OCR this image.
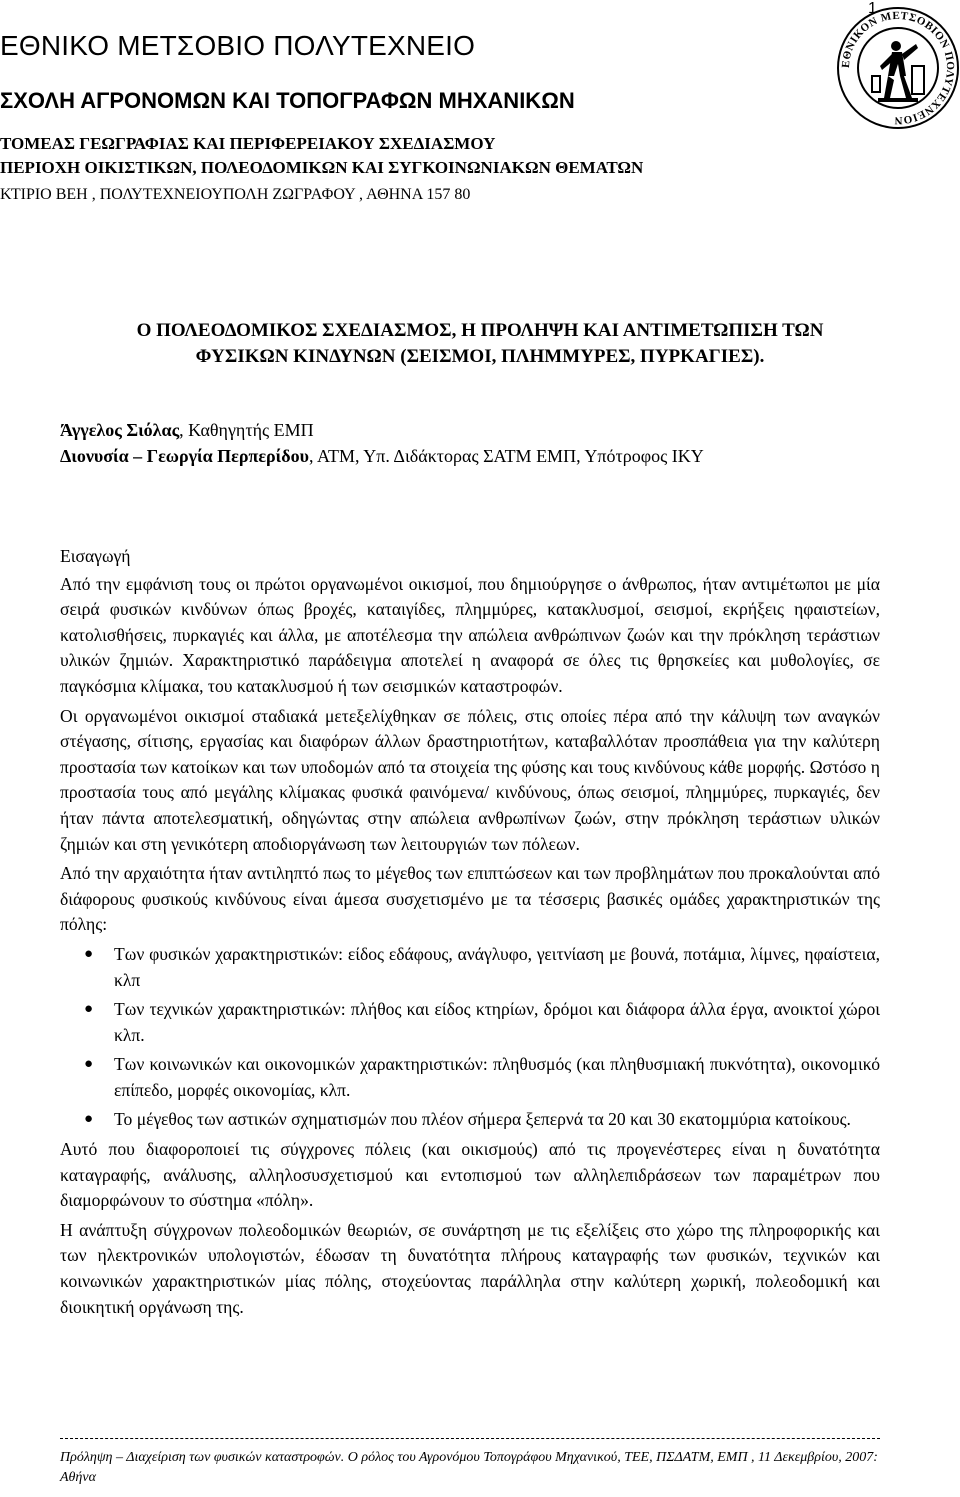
1
ΕΘΝΙΚΟ ΜΕΤΣΟΒΙΟ ΠΟΛΥΤΕΧΝΕΙΟ
ΣΧΟΛΗ ΑΓΡΟΝΟΜΩΝ ΚΑΙ ΤΟΠΟΓΡΑΦΩΝ ΜΗΧΑΝΙΚΩΝ
ΤΟΜΕΑΣ ΓΕΩΓΡΑΦΙΑΣ ΚΑΙ ΠΕΡΙΦΕΡΕΙΑΚΟΥ ΣΧΕΔΙΑΣΜΟΥ
ΠΕΡΙΟΧΗ ΟΙΚΙΣΤΙΚΩΝ, ΠΟΛΕΟΔΟΜΙΚΩΝ ΚΑΙ ΣΥΓΚΟΙΝΩΝΙΑΚΩΝ ΘΕΜΑΤΩΝ
ΚΤΙΡΙΟ ΒΕΗ , ΠΟΛΥΤΕΧΝΕΙΟΥΠΟΛΗ ΖΩΓΡΑΦΟΥ , ΑΘΗΝΑ 157 80
ΕΘΝΙΚΟΝ ΜΕΤΣΟΒΙΟΝ ΠΟΛΥΤΕΧΝΕΙΟΝ
Ο ΠΟΛΕΟΔΟΜΙΚΟΣ ΣΧΕΔΙΑΣΜΟΣ, Η ΠΡΟΛΗΨΗ ΚΑΙ ΑΝΤΙΜΕΤΩΠΙΣΗ ΤΩΝ
ΦΥΣΙΚΩΝ ΚΙΝΔΥΝΩΝ (ΣΕΙΣΜΟΙ, ΠΛΗΜΜΥΡΕΣ, ΠΥΡΚΑΓΙΕΣ).
Άγγελος Σιόλας, Καθηγητής ΕΜΠ
Διονυσία – Γεωργία Περπερίδου, ΑΤΜ, Υπ. Διδάκτορας ΣΑΤΜ ΕΜΠ, Υπότροφος ΙΚΥ

Εισαγωγή

Από την εμφάνιση τους οι πρώτοι οργανωμένοι οικισμοί, που δημιούργησε ο άνθρωπος, ήταν αντιμέτωποι με μία σειρά φυσικών κινδύνων όπως βροχές, καταιγίδες, πλημμύρες, κατακλυσμοί, σεισμοί, εκρήξεις ηφαιστείων, κατολισθήσεις, πυρκαγιές και άλλα, με αποτέλεσμα την απώλεια ανθρώπινων ζωών και την πρόκληση τεράστιων υλικών ζημιών. Χαρακτηριστικό παράδειγμα αποτελεί η αναφορά σε όλες τις θρησκείες και μυθολογίες, σε παγκόσμια κλίμακα, του κατακλυσμού ή των σεισμικών καταστροφών.

Οι οργανωμένοι οικισμοί σταδιακά μετεξελίχθηκαν σε πόλεις, στις οποίες πέρα από την κάλυψη των αναγκών στέγασης, σίτισης, εργασίας και διαφόρων άλλων δραστηριοτήτων, καταβαλλόταν προσπάθεια για την καλύτερη προστασία των κατοίκων και των υποδομών από τα στοιχεία της φύσης και τους κινδύνους κάθε μορφής. Ωστόσο η προστασία τους από μεγάλης κλίμακας φυσικά φαινόμενα/ κινδύνους, όπως σεισμοί, πλημμύρες, πυρκαγιές, δεν ήταν πάντα αποτελεσματική, οδηγώντας στην απώλεια ανθρωπίνων ζωών, στην πρόκληση τεράστιων υλικών ζημιών και στη γενικότερη αποδιοργάνωση των λειτουργιών των πόλεων.

Από την αρχαιότητα ήταν αντιληπτό πως το μέγεθος των επιπτώσεων και των προβλημάτων που προκαλούνται από διάφορους φυσικούς κινδύνους είναι άμεσα συσχετισμένο με τα τέσσερις βασικές ομάδες χαρακτηριστικών της πόλης:

● Των φυσικών χαρακτηριστικών: είδος εδάφους, ανάγλυφο, γειτνίαση με βουνά, ποτάμια, λίμνες, ηφαίστεια, κλπ
● Των τεχνικών χαρακτηριστικών: πλήθος και είδος κτηρίων, δρόμοι και διάφορα άλλα έργα, ανοικτοί χώροι κλπ.
● Των κοινωνικών και οικονομικών χαρακτηριστικών: πληθυσμός (και πληθυσμιακή πυκνότητα), οικονομικό επίπεδο, μορφές οικονομίας, κλπ.
● Το μέγεθος των αστικών σχηματισμών που πλέον σήμερα ξεπερνά τα 20 και 30 εκατομμύρια κατοίκους.

Αυτό που διαφοροποιεί τις σύγχρονες πόλεις (και οικισμούς) από τις προγενέστερες είναι η δυνατότητα καταγραφής, ανάλυσης, αλληλοσυσχετισμού και εντοπισμού των αλληλεπιδράσεων των παραμέτρων που διαμορφώνουν το σύστημα «πόλη».

Η ανάπτυξη σύγχρονων πολεοδομικών θεωριών, σε συνάρτηση με τις εξελίξεις στο χώρο της πληροφορικής και των ηλεκτρονικών υπολογιστών, έδωσαν τη δυνατότητα πλήρους καταγραφής των φυσικών, τεχνικών και κοινωνικών χαρακτηριστικών μίας πόλης, στοχεύοντας παράλληλα στην καλύτερη χωρική, πολεοδομική και διοικητική οργάνωση της.

Πρόληψη – Διαχείριση των φυσικών καταστροφών. Ο ρόλος του Αγρονόμου Τοπογράφου Μηχανικού, ΤΕΕ, ΠΣΔΑΤΜ, ΕΜΠ , 11 Δεκεμβρίου, 2007: Αθήνα
